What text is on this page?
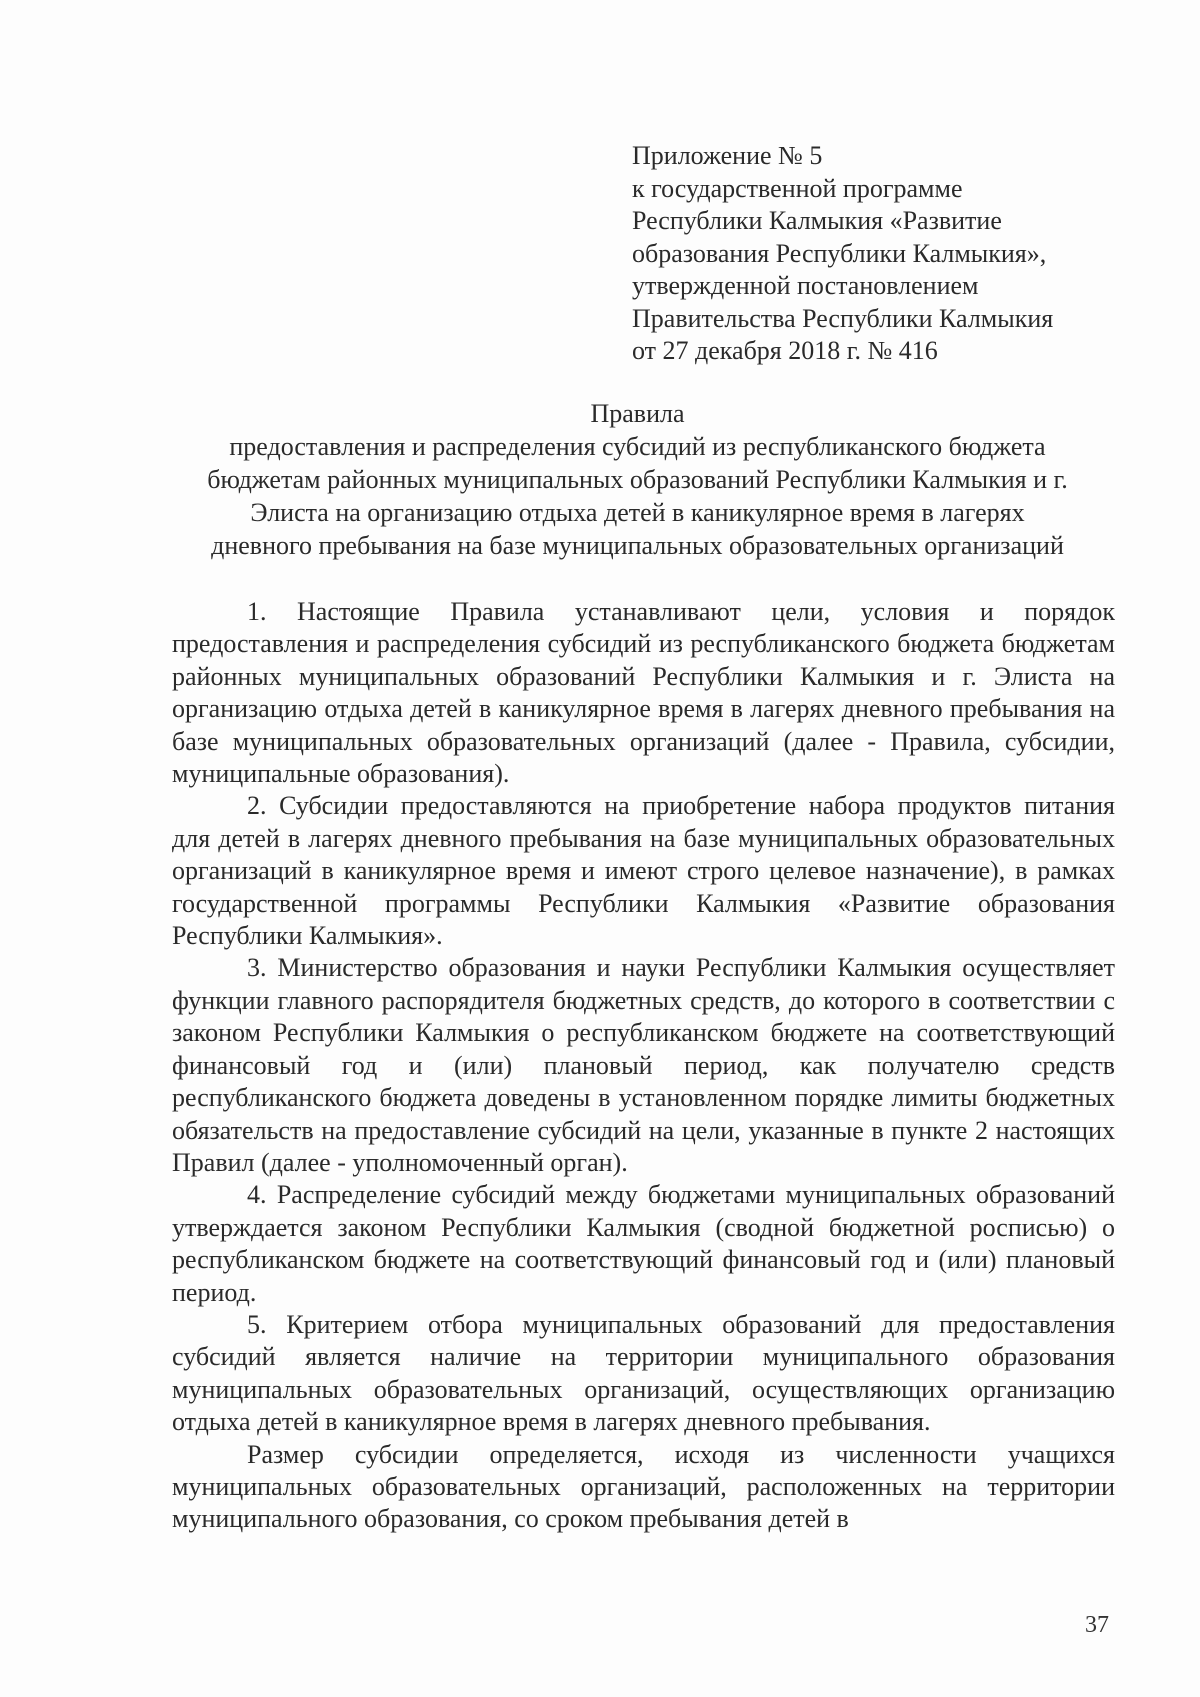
Приложение № 5
к государственной программе
Республики Калмыкия «Развитие
образования Республики Калмыкия»,
утвержденной постановлением
Правительства Республики Калмыкия
от 27 декабря 2018 г. № 416
Правила
предоставления и распределения субсидий из республиканского бюджета
бюджетам районных муниципальных образований Республики Калмыкия и г.
Элиста на организацию отдыха детей в каникулярное время в лагерях
дневного пребывания на базе муниципальных образовательных организаций

1. Настоящие Правила устанавливают цели, условия и порядок предоставления и распределения субсидий из республиканского бюджета бюджетам районных муниципальных образований Республики Калмыкия и г. Элиста на организацию отдыха детей в каникулярное время в лагерях дневного пребывания на базе муниципальных образовательных организаций (далее - Правила, субсидии, муниципальные образования).

2. Субсидии предоставляются на приобретение набора продуктов питания для детей в лагерях дневного пребывания на базе муниципальных образовательных организаций в каникулярное время и имеют строго целевое назначение), в рамках государственной программы Республики Калмыкия «Развитие образования Республики Калмыкия».

3. Министерство образования и науки Республики Калмыкия осуществляет функции главного распорядителя бюджетных средств, до которого в соответствии с законом Республики Калмыкия о республиканском бюджете на соответствующий финансовый год и (или) плановый период, как получателю средств республиканского бюджета доведены в установленном порядке лимиты бюджетных обязательств на предоставление субсидий на цели, указанные в пункте 2 настоящих Правил (далее - уполномоченный орган).

4. Распределение субсидий между бюджетами муниципальных образований утверждается законом Республики Калмыкия (сводной бюджетной росписью) о республиканском бюджете на соответствующий финансовый год и (или) плановый период.

5. Критерием отбора муниципальных образований для предоставления субсидий является наличие на территории муниципального образования муниципальных образовательных организаций, осуществляющих организацию отдыха детей в каникулярное время в лагерях дневного пребывания.

Размер субсидии определяется, исходя из численности учащихся муниципальных образовательных организаций, расположенных на территории муниципального образования, со сроком пребывания детей в

37
